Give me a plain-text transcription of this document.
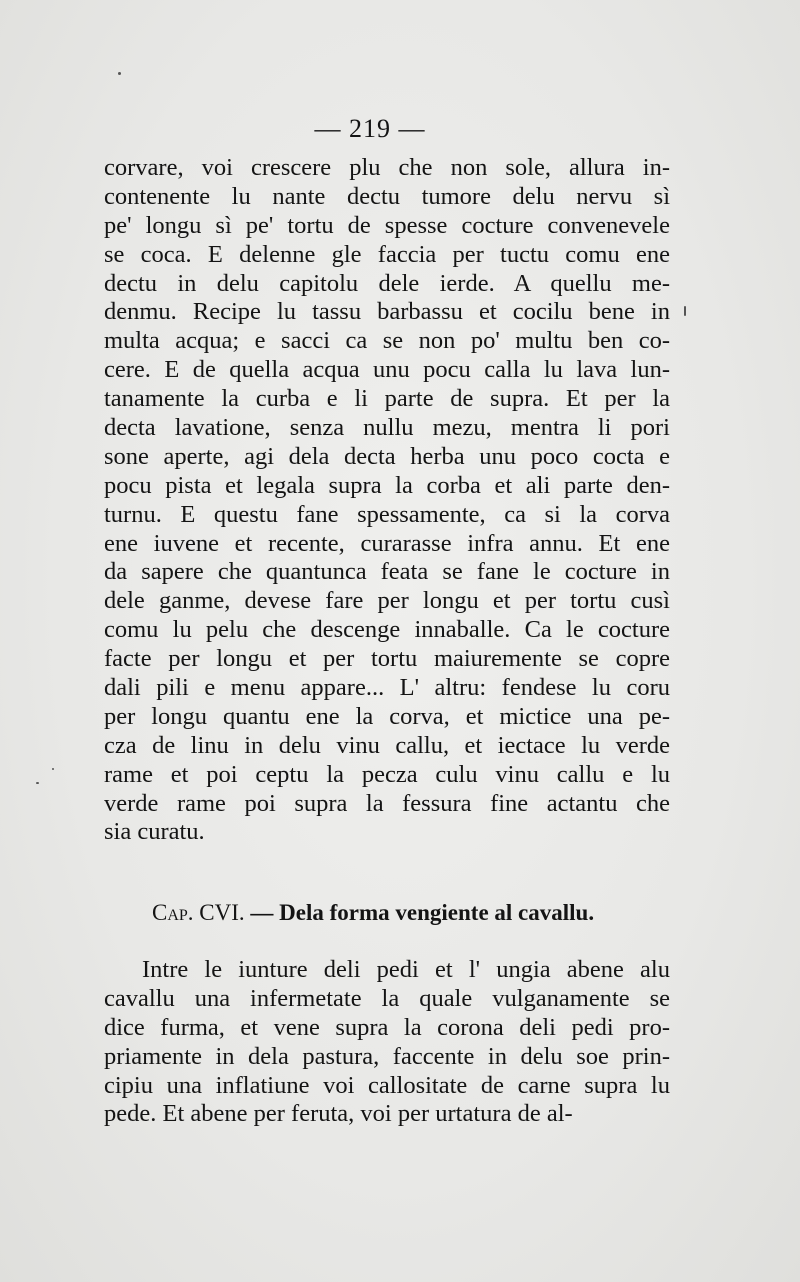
— 219 —
corvare, voi crescere plu che non sole, allura in-
contenente lu nante dectu tumore delu nervu sì
pe' longu sì pe' tortu de spesse cocture convenevele
se coca. E delenne gle faccia per tuctu comu ene
dectu in delu capitolu dele ierde. A quellu me-
denmu. Recipe lu tassu barbassu et cocilu bene in
multa acqua; e sacci ca se non po' multu ben co-
cere. E de quella acqua unu pocu calla lu lava lun-
tanamente la curba e li parte de supra. Et per la
decta lavatione, senza nullu mezu, mentra li pori
sone aperte, agi dela decta herba unu poco cocta e
pocu pista et legala supra la corba et ali parte den-
turnu. E questu fane spessamente, ca si la corva
ene iuvene et recente, curarasse infra annu. Et ene
da sapere che quantunca feata se fane le cocture in
dele ganme, devese fare per longu et per tortu cusì
comu lu pelu che descenge innaballe. Ca le cocture
facte per longu et per tortu maiuremente se copre
dali pili e menu appare... L' altru: fendese lu coru
per longu quantu ene la corva, et mictice una pe-
cza de linu in delu vinu callu, et iectace lu verde
rame et poi ceptu la pecza culu vinu callu e lu
verde rame poi supra la fessura fine actantu che
sia curatu.
Cap. CVI. — Dela forma vengiente al cavallu.
Intre le iunture deli pedi et l' ungia abene alu
cavallu una infermetate la quale vulganamente se
dice furma, et vene supra la corona deli pedi pro-
priamente in dela pastura, faccente in delu soe prin-
cipiu una inflatiune voi callositate de carne supra lu
pede. Et abene per feruta, voi per urtatura de al-
